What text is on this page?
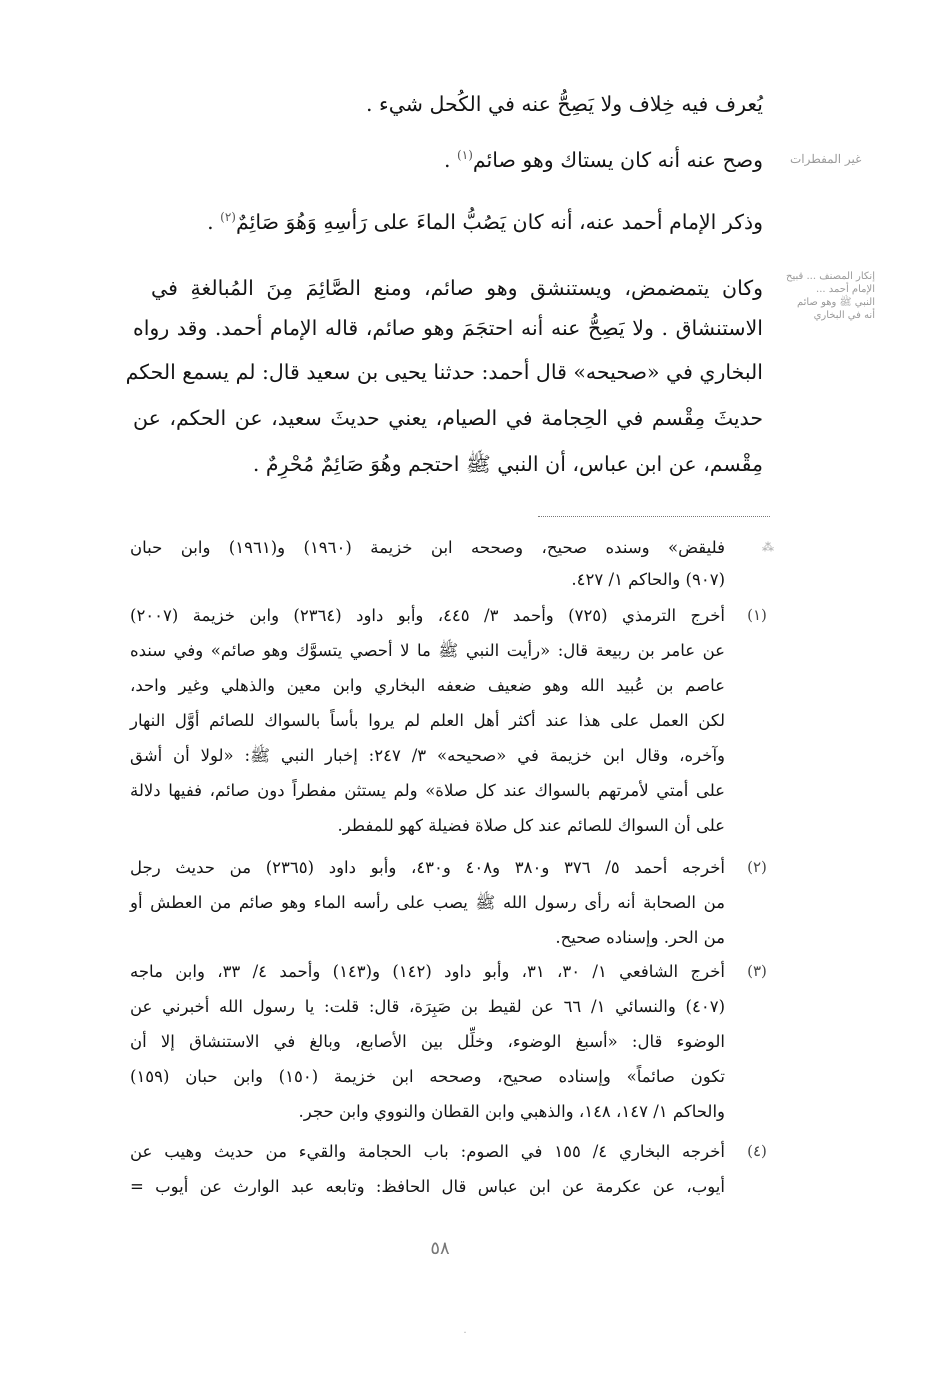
يُعرف فيه خِلاف ولا يَصِحُّ عنه في الكُحل شيء .
وصح عنه أنه كان يستاك وهو صائم$^{(١)}$ .
وذكر الإمام أحمد عنه، أنه كان يَصُبُّ الماءَ على رَأسِهِ وَهُوَ صَائِمٌ$^{(٢)}$ .
وكان يتمضمض، ويستنشق وهو صائم، ومنع الصَّائِمَ مِنَ المُبالغةِ في
الاستنشاق . ولا يَصِحُّ عنه أنه احتجَمَ وهو صائم، قاله الإمام أحمد. وقد رواه
البخاري في «صحيحه» قال أحمد: حدثنا يحيى بن سعيد قال: لم يسمع الحكم
حديثَ مِقْسم في الحِجامة في الصيام، يعني حديثَ سعيد، عن الحكم، عن
مِقْسم، عن ابن عباس، أن النبي ﷺ احتجم وهُوَ صَائِمٌ مُحْرِمٌ .
غير المفطرات
إنكار المصنف ... قبيح
الإمام أحمد ...
النبي ﷺ وهو صائم
أنه في البخاري
فليقض» وسنده صحيح، وصححه ابن خزيمة (١٩٦٠) و(١٩٦١) وابن حبان
(٩٠٧) والحاكم ١/ ٤٢٧.
(١)
أخرج الترمذي (٧٢٥) وأحمد ٣/ ٤٤٥، وأبو داود (٢٣٦٤) وابن خزيمة (٢٠٠٧)
عن عامر بن ربيعة قال: «رأيت النبي ﷺ ما لا أحصي يتسوَّك وهو صائم» وفي سنده
عاصم بن عُبيد الله وهو ضعيف ضعفه البخاري وابن معين والذهلي وغير واحد،
لكن العمل على هذا عند أكثر أهل العلم لم يروا بأساً بالسواك للصائم أوَّل النهار
وآخره، وقال ابن خزيمة في «صحيحه» ٣/ ٢٤٧: إخبار النبي ﷺ: «لولا أن أشق
على أمتي لأمرتهم بالسواك عند كل صلاة» ولم يستثن مفطراً دون صائم، ففيها دلالة
على أن السواك للصائم عند كل صلاة فضيلة كهو للمفطر.
(٢)
أخرجه أحمد ٥/ ٣٧٦ و٣٨٠ و٤٠٨ و٤٣٠، وأبو داود (٢٣٦٥) من حديث رجل
من الصحابة أنه رأى رسول الله ﷺ يصب على رأسه الماء وهو صائم من العطش أو
من الحر. وإسناده صحيح.
(٣)
أخرج الشافعي ١/ ٣٠، ٣١، وأبو داود (١٤٢) و(١٤٣) وأحمد ٤/ ٣٣، وابن ماجه
(٤٠٧) والنسائي ١/ ٦٦ عن لقيط بن صَبِرَة، قال: قلت: يا رسول الله أخبرني عن
الوضوء قال: «أسبغ الوضوء، وخلِّل بين الأصابع، وبالغ في الاستنشاق إلا أن
تكون صائماً» وإسناده صحيح، وصححه ابن خزيمة (١٥٠) وابن حبان (١٥٩)
والحاكم ١/ ١٤٧، ١٤٨، والذهبي وابن القطان والنووي وابن حجر.
(٤)
أخرجه البخاري ٤/ ١٥٥ في الصوم: باب الحجامة والقيء من حديث وهيب عن
أيوب، عن عكرمة عن ابن عباس قال الحافظ: وتابعه عبد الوارث عن أيوب =
٥٨
⁂
˙
